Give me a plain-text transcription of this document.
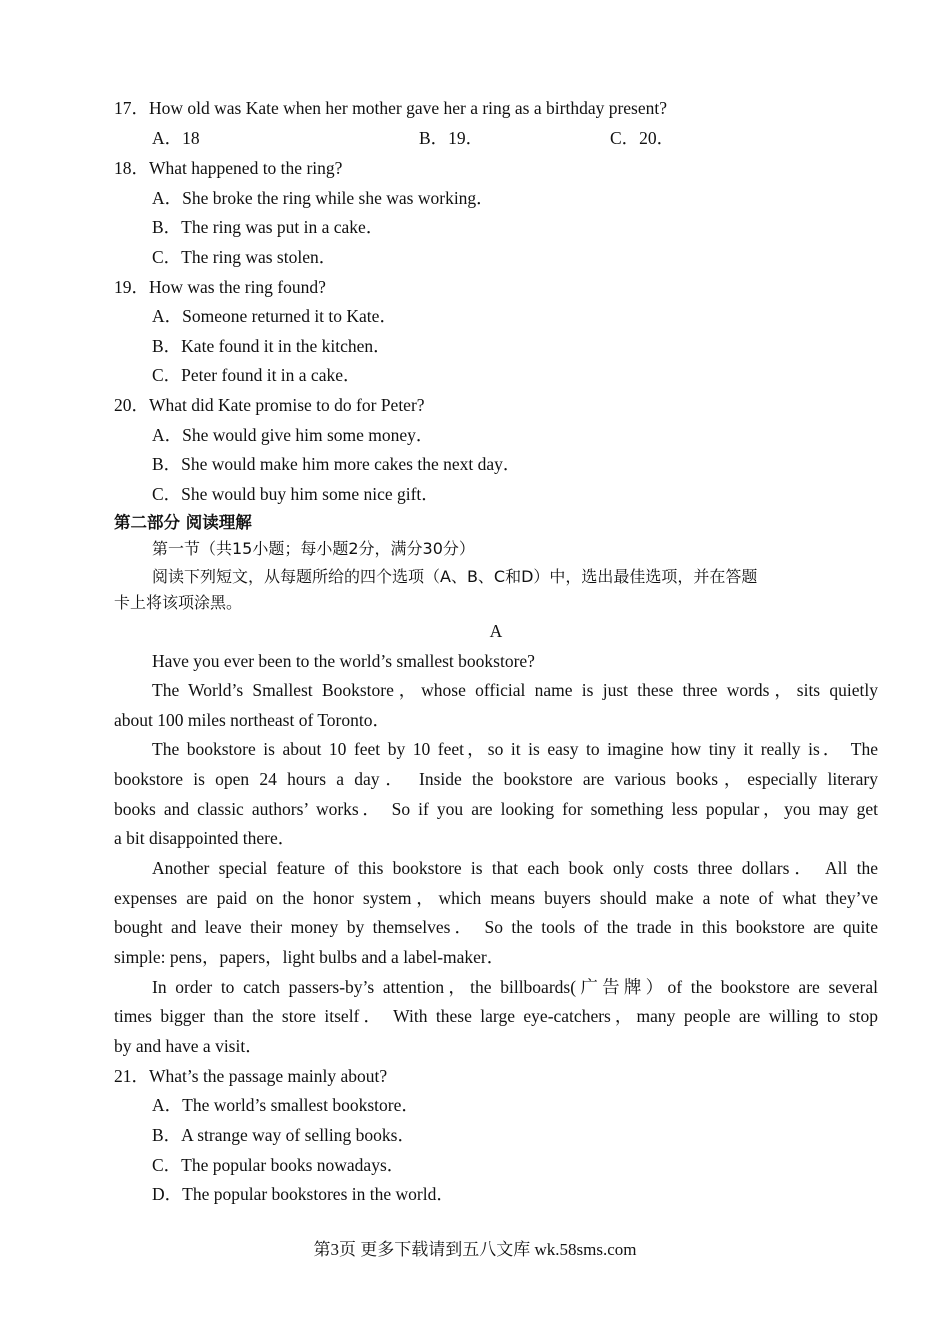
17．How old was Kate when her mother gave her a ring as a birthday present?
A．18	B．19．	C．20．
18．What happened to the ring?
A．She broke the ring while she was working．
B．The ring was put in a cake．
C．The ring was stolen．
19．How was the ring found?
A．Someone returned it to Kate．
B．Kate found it in the kitchen．
C．Peter found it in a cake．
20．What did Kate promise to do for Peter?
A．She would give him some money．
B．She would make him more cakes the next day．
C．She would buy him some nice gift．
第二部分 阅读理解
第一节（共15小题；每小题2分，满分30分）
阅读下列短文，从每题所给的四个选项（A、B、C和D）中，选出最佳选项，并在答题
卡上将该项涂黑。
A
Have you ever been to the world’s smallest bookstore?
The World’s Smallest Bookstore，whose official name is just these three words，sits quietly
about 100 miles northeast of Toronto．
The bookstore is about 10 feet by 10 feet，so it is easy to imagine how tiny it really is． The
bookstore is open 24 hours a day． Inside the bookstore are various books，especially literary
books and classic authors’ works． So if you are looking for something less popular，you may get
a bit disappointed there．
Another special feature of this bookstore is that each book only costs three dollars． All the
expenses are paid on the honor system，which means buyers should make a note of what they’ve
bought and leave their money by themselves． So the tools of the trade in this bookstore are quite
simple: pens，papers，light bulbs and a label-maker．
In order to catch passers-by’s attention，the billboards(广告牌）of the bookstore are several
times bigger than the store itself． With these large eye-catchers，many people are willing to stop
by and have a visit．
21．What’s the passage mainly about?
A．The world’s smallest bookstore．
B．A strange way of selling books．
C．The popular books nowadays．
D．The popular bookstores in the world．
第3页 更多下载请到五八文库 wk.58sms.com
